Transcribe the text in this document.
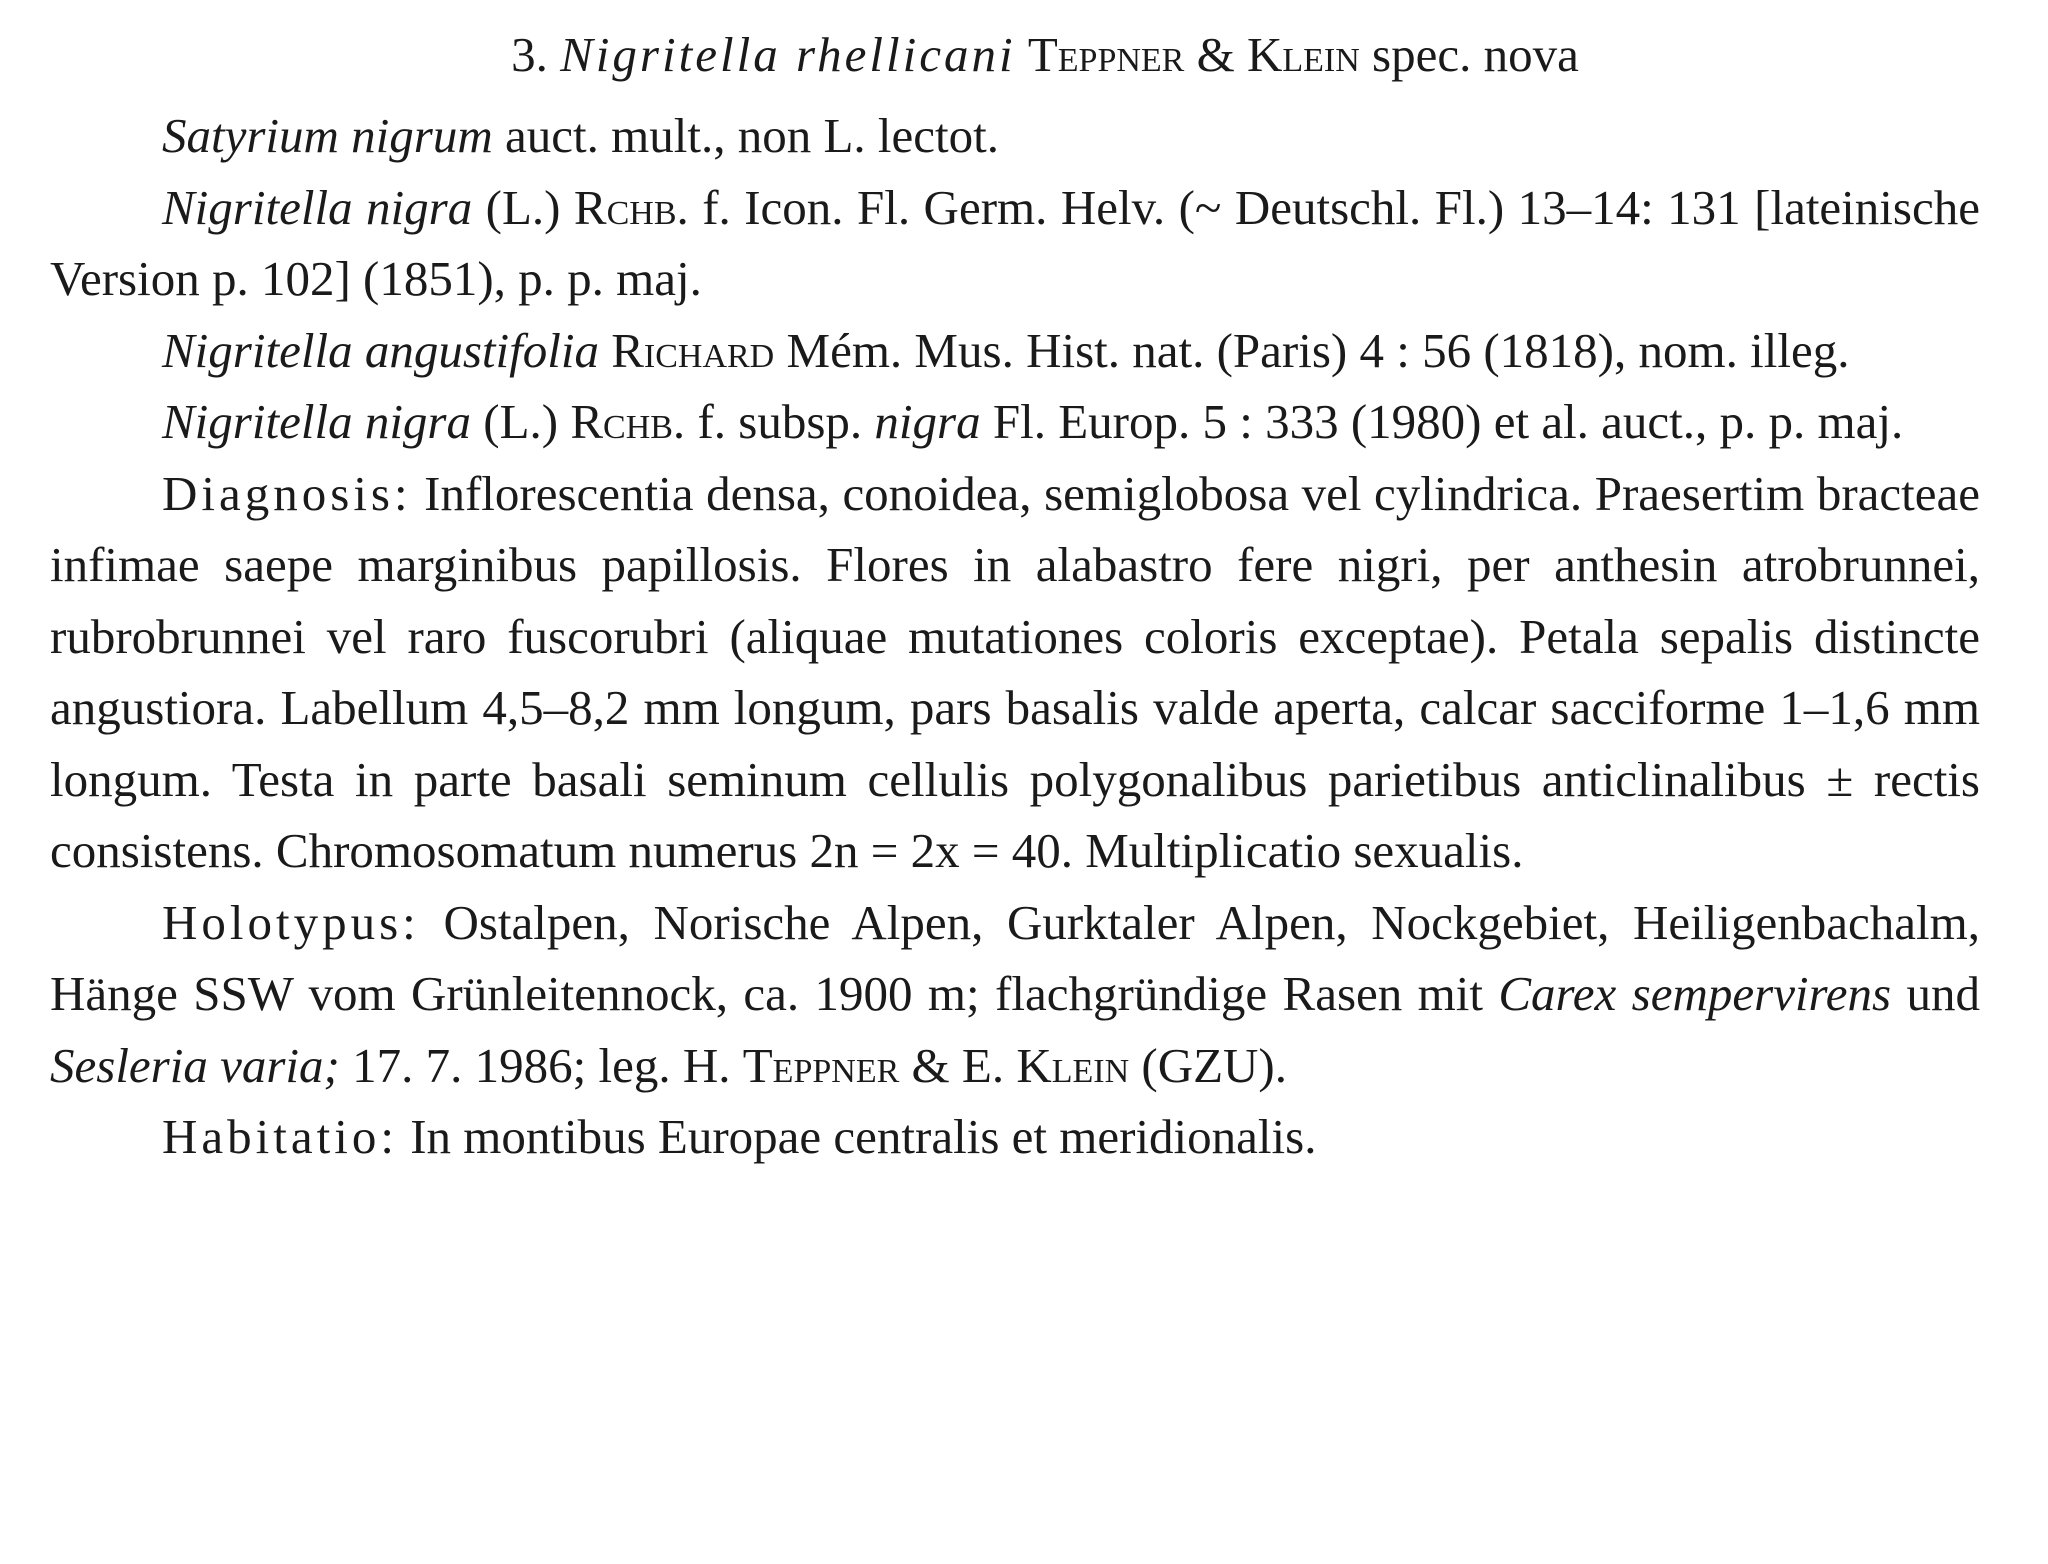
3. Nigritella rhellicani Teppner & Klein spec. nova

Satyrium nigrum auct. mult., non L. lectot.

Nigritella nigra (L.) Rchb. f. Icon. Fl. Germ. Helv. (~ Deutschl. Fl.) 13–14: 131 [lateinische Version p. 102] (1851), p. p. maj.

Nigritella angustifolia Richard Mém. Mus. Hist. nat. (Paris) 4 : 56 (1818), nom. illeg.

Nigritella nigra (L.) Rchb. f. subsp. nigra Fl. Europ. 5 : 333 (1980) et al. auct., p. p. maj.

Diagnosis: Inflorescentia densa, conoidea, semiglobosa vel cylindrica. Praesertim bracteae infimae saepe marginibus papillosis. Flores in alabastro fere nigri, per anthesin atrobrunnei, rubrobrunnei vel raro fuscorubri (aliquae mutationes coloris exceptae). Petala sepalis distincte angustiora. Labellum 4,5–8,2 mm longum, pars basalis valde aperta, calcar sacciforme 1–1,6 mm longum. Testa in parte basali seminum cellulis polygonalibus parietibus anticlinalibus ± rectis consistens. Chromosomatum numerus 2n = 2x = 40. Multiplicatio sexualis.

Holotypus: Ostalpen, Norische Alpen, Gurktaler Alpen, Nockgebiet, Heiligenbachalm, Hänge SSW vom Grünleitennock, ca. 1900 m; flachgründige Rasen mit Carex sempervirens und Sesleria varia; 17. 7. 1986; leg. H. Teppner & E. Klein (GZU).

Habitatio: In montibus Europae centralis et meridionalis.
